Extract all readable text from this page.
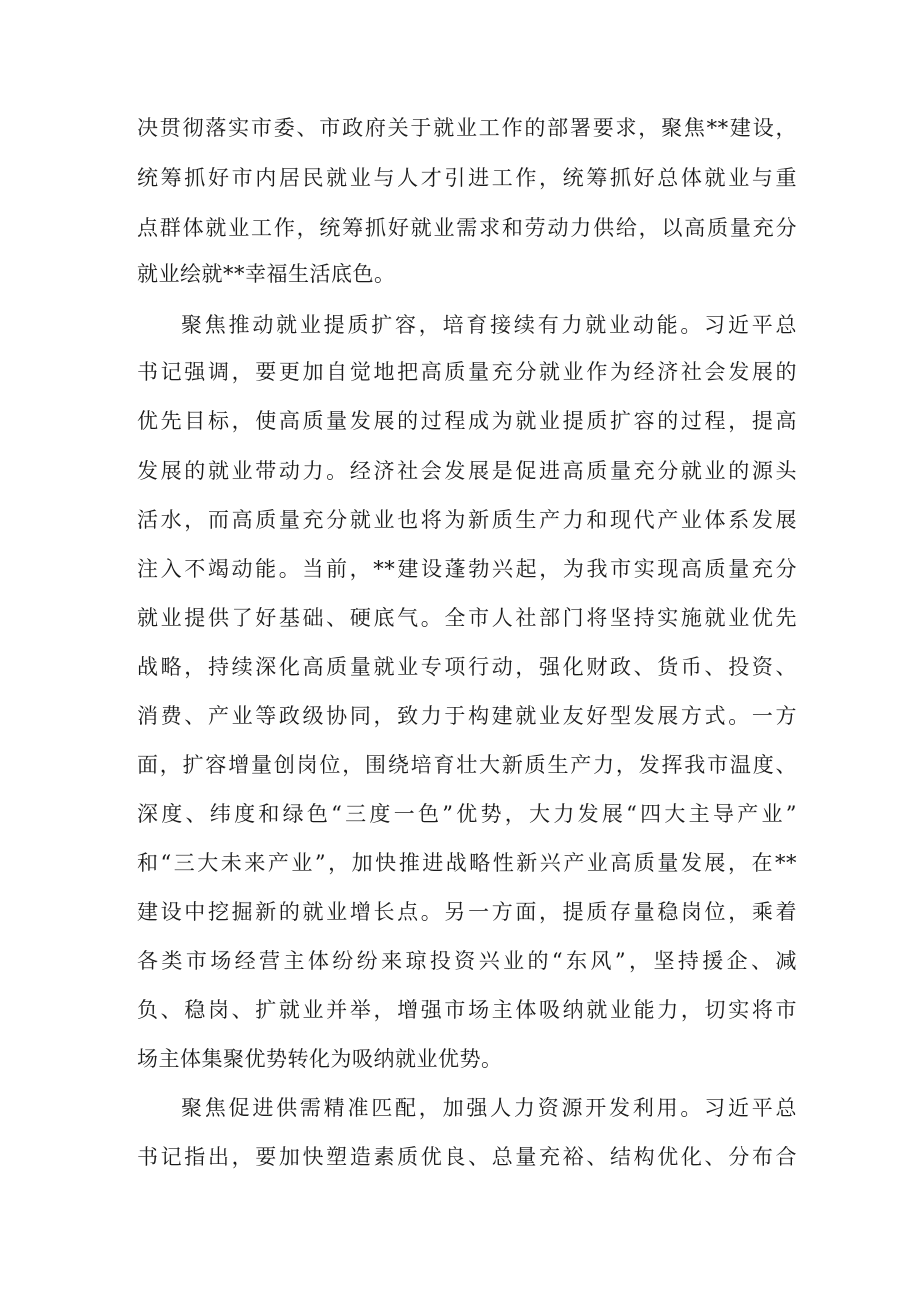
决贯彻落实市委、市政府关于就业工作的部署要求，聚焦**建设，
统筹抓好市内居民就业与人才引进工作，统筹抓好总体就业与重
点群体就业工作，统筹抓好就业需求和劳动力供给，以高质量充分
就业绘就**幸福生活底色。
聚焦推动就业提质扩容，培育接续有力就业动能。习近平总
书记强调，要更加自觉地把高质量充分就业作为经济社会发展的
优先目标，使高质量发展的过程成为就业提质扩容的过程，提高
发展的就业带动力。经济社会发展是促进高质量充分就业的源头
活水，而高质量充分就业也将为新质生产力和现代产业体系发展
注入不竭动能。当前，**建设蓬勃兴起，为我市实现高质量充分
就业提供了好基础、硬底气。全市人社部门将坚持实施就业优先
战略，持续深化高质量就业专项行动，强化财政、货币、投资、
消费、产业等政级协同，致力于构建就业友好型发展方式。一方
面，扩容增量创岗位，围绕培育壮大新质生产力，发挥我市温度、
深度、纬度和绿色“三度一色”优势，大力发展“四大主导产业”
和“三大未来产业”，加快推进战略性新兴产业高质量发展，在**
建设中挖掘新的就业增长点。另一方面，提质存量稳岗位，乘着
各类市场经营主体纷纷来琼投资兴业的“东风”，坚持援企、减
负、稳岗、扩就业并举，增强市场主体吸纳就业能力，切实将市
场主体集聚优势转化为吸纳就业优势。
聚焦促进供需精准匹配，加强人力资源开发利用。习近平总
书记指出，要加快塑造素质优良、总量充裕、结构优化、分布合
